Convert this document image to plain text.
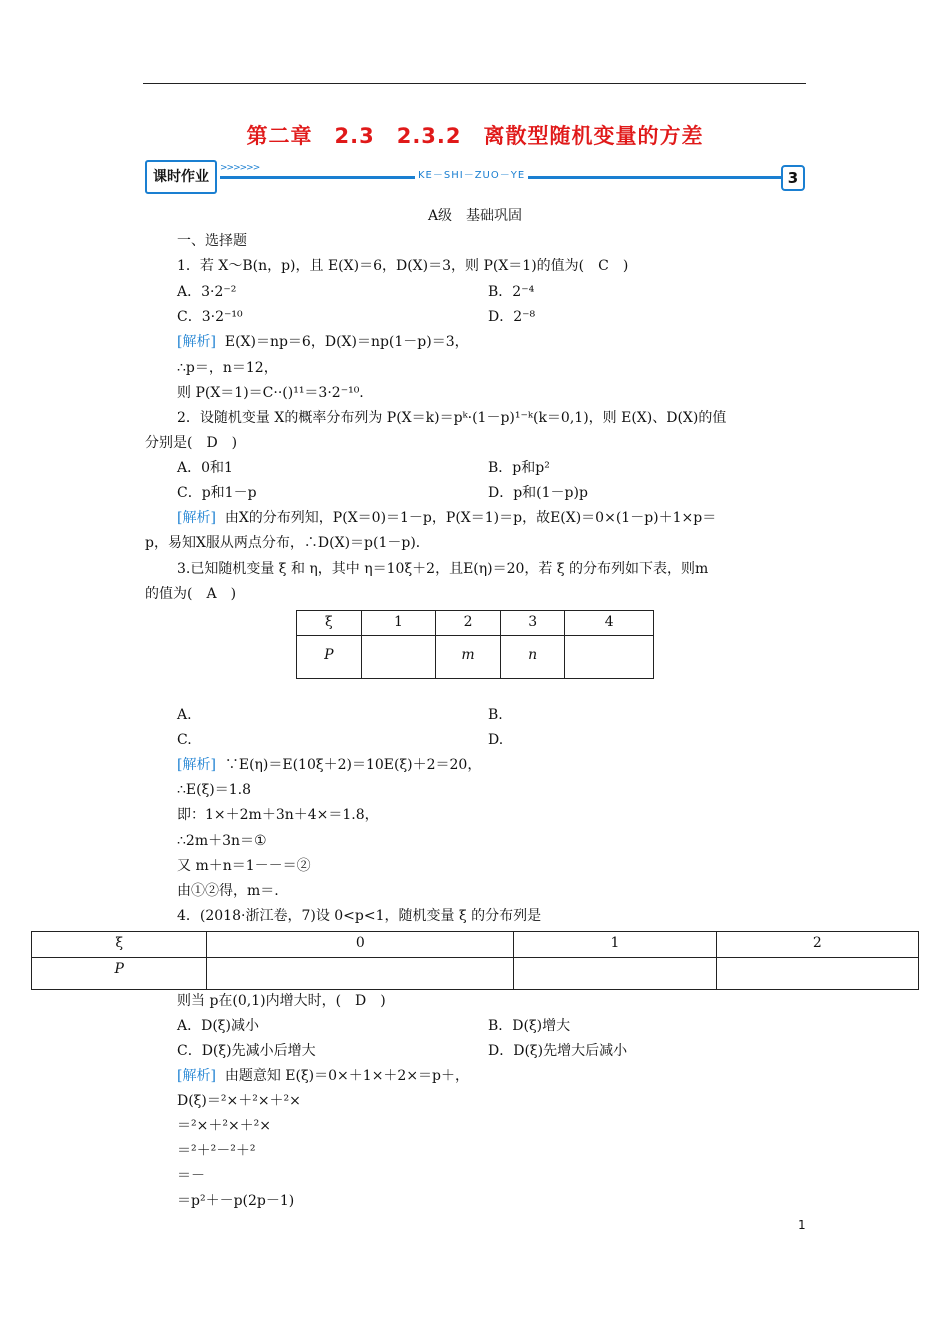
第二章　2.3　2.3.2　离散型随机变量的方差
课时作业
>>>>>>
KE－SHI－ZUO－YE	3
A级　基础巩固
一、选择题
1．若 X～B(n，p)，且 E(X)＝6，D(X)＝3，则 P(X＝1)的值为(　C　)
A．3·2⁻²	B．2⁻⁴
C．3·2⁻¹⁰	D．2⁻⁸
[解析] E(X)＝np＝6，D(X)＝np(1－p)＝3，
∴p＝，n＝12，
则 P(X＝1)＝C··()¹¹＝3·2⁻¹⁰.
2．设随机变量 X的概率分布列为 P(X＝k)＝pᵏ·(1－p)¹⁻ᵏ(k＝0,1)，则 E(X)、D(X)的值
分别是(　D　)
A．0和1	B．p和p²
C．p和1－p	D．p和(1－p)p
[解析] 由X的分布列知，P(X＝0)＝1－p，P(X＝1)＝p，故E(X)＝0×(1－p)＋1×p＝
p，易知X服从两点分布，∴D(X)＝p(1－p)．
3.已知随机变量 ξ 和 η，其中 η＝10ξ＋2，且E(η)＝20，若 ξ 的分布列如下表，则m
的值为(　A　)
ξ	1	2	3	4
P		m	n	
A.	B.
C.	D.
[解析] ∵E(η)＝E(10ξ＋2)＝10E(ξ)＋2＝20，
∴E(ξ)＝1.8
即：1×＋2m＋3n＋4×＝1.8，
∴2m＋3n＝①
又 m＋n＝1－－＝②
由①②得，m＝.
4．(2018·浙江卷，7)设 0<p<1，随机变量 ξ 的分布列是
ξ	0	1	2
P			
则当 p在(0,1)内增大时，(　D　)
A．D(ξ)减小	B．D(ξ)增大
C．D(ξ)先减小后增大	D．D(ξ)先增大后减小
[解析] 由题意知 E(ξ)＝0×＋1×＋2×＝p＋，
D(ξ)＝²×＋²×＋²×
＝²×＋²×＋²×
＝²＋²－²＋²
＝－
＝p²＋－p(2p－1)
1
